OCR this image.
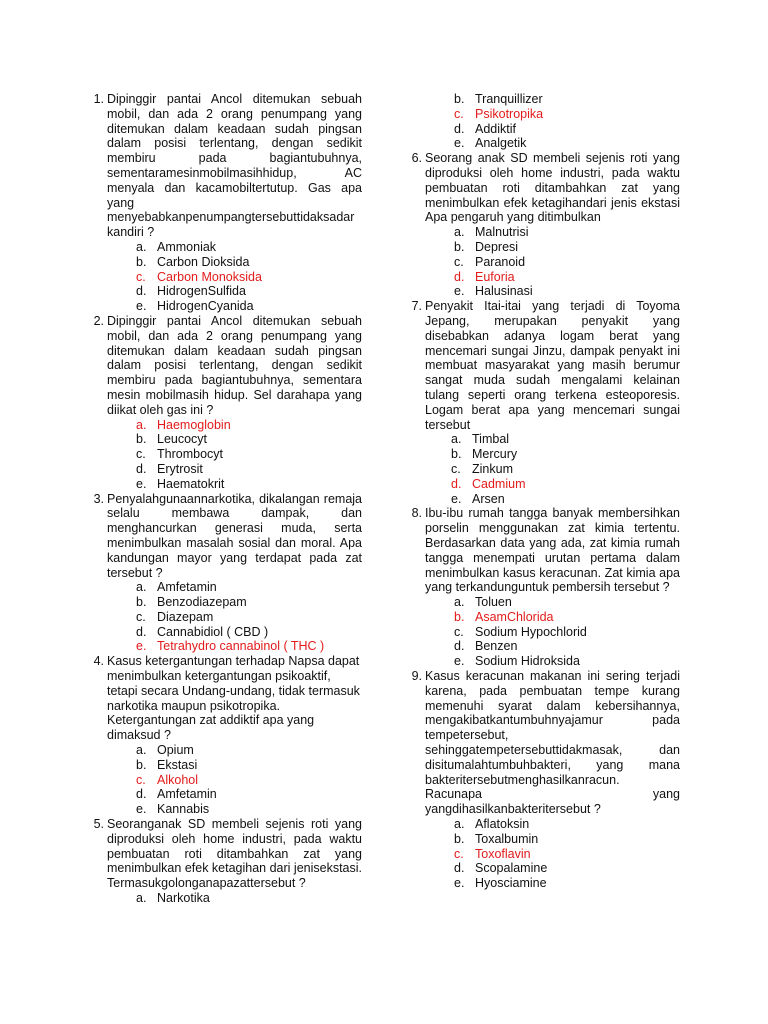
1. Dipinggir pantai Ancol ditemukan sebuah mobil, dan ada 2 orang penumpang yang ditemukan dalam keadaan sudah pingsan dalam posisi terlentang, dengan sedikit membiru pada bagiantubuhnya, sementaramesinmobilmasihhidup, AC menyala dan kacamobiltertutup. Gas apa yang menyebabkanpenumpangtersebuttidaksadar kandiri ?

a. Ammoniak
b. Carbon Dioksida
c. Carbon Monoksida
d. HidrogenSulfida
e. HidrogenCyanida
2. Dipinggir pantai Ancol ditemukan sebuah mobil, dan ada 2 orang penumpang yang ditemukan dalam keadaan sudah pingsan dalam posisi terlentang, dengan sedikit membiru pada bagiantubuhnya, sementara mesin mobilmasih hidup. Sel darahapa yang diikat oleh gas ini ?

a. Haemoglobin
b. Leucocyt
c. Thrombocyt
d. Erytrosit
e. Haematokrit
3. Penyalahgunaannarkotika, dikalangan remaja selalu membawa dampak, dan menghancurkan generasi muda, serta menimbulkan masalah sosial dan moral. Apa kandungan mayor yang terdapat pada zat tersebut ?

a. Amfetamin
b. Benzodiazepam
c. Diazepam
d. Cannabidiol ( CBD )
e. Tetrahydro cannabinol ( THC )
4. Kasus ketergantungan terhadap Napsa dapat menimbulkan ketergantungan psikoaktif, tetapi secara Undang-undang, tidak termasuk narkotika maupun psikotropika. Ketergantungan zat addiktif apa yang dimaksud ?

a. Opium
b. Ekstasi
c. Alkohol
d. Amfetamin
e. Kannabis
5. Seoranganak SD membeli sejenis roti yang diproduksi oleh home industri, pada waktu pembuatan roti ditambahkan zat yang menimbulkan efek ketagihan dari jenisekstasi. Termasukgolonganapazattersebut ?

a. Narkotika
b. Tranquillizer
c. Psikotropika
d. Addiktif
e. Analgetik
6. Seorang anak SD membeli sejenis roti yang diproduksi oleh home industri, pada waktu pembuatan roti ditambahkan zat yang menimbulkan efek ketagihandari jenis ekstasi Apa pengaruh yang ditimbulkan

a. Malnutrisi
b. Depresi
c. Paranoid
d. Euforia
e. Halusinasi
7. Penyakit Itai-itai yang terjadi di Toyoma Jepang, merupakan penyakit yang disebabkan adanya logam berat yang mencemari sungai Jinzu, dampak penyakt ini membuat masyarakat yang masih berumur sangat muda sudah mengalami kelainan tulang seperti orang terkena esteoporesis. Logam berat apa yang mencemari sungai tersebut

a. Timbal
b. Mercury
c. Zinkum
d. Cadmium
e. Arsen
8. Ibu-ibu rumah tangga banyak membersihkan porselin menggunakan zat kimia tertentu. Berdasarkan data yang ada, zat kimia rumah tangga menempati urutan pertama dalam menimbulkan kasus keracunan. Zat kimia apa yang terkandunguntuk pembersih tersebut ?

a. Toluen
b. AsamChlorida
c. Sodium Hypochlorid
d. Benzen
e. Sodium Hidroksida
9. Kasus keracunan makanan ini sering terjadi karena, pada pembuatan tempe kurang memenuhi syarat dalam kebersihannya, mengakibatkantumbuhnyajamur pada tempetersebut, sehinggatempetersebuttidakmasak, dan disitumalahtumbuhbakteri, yang mana bakteritersebutmenghasilkanracun. Racunapa yang yangdihasilkanbakteritersebut ?

a. Aflatoksin
b. Toxalbumin
c. Toxoflavin
d. Scopalamine
e. Hyosciamine
